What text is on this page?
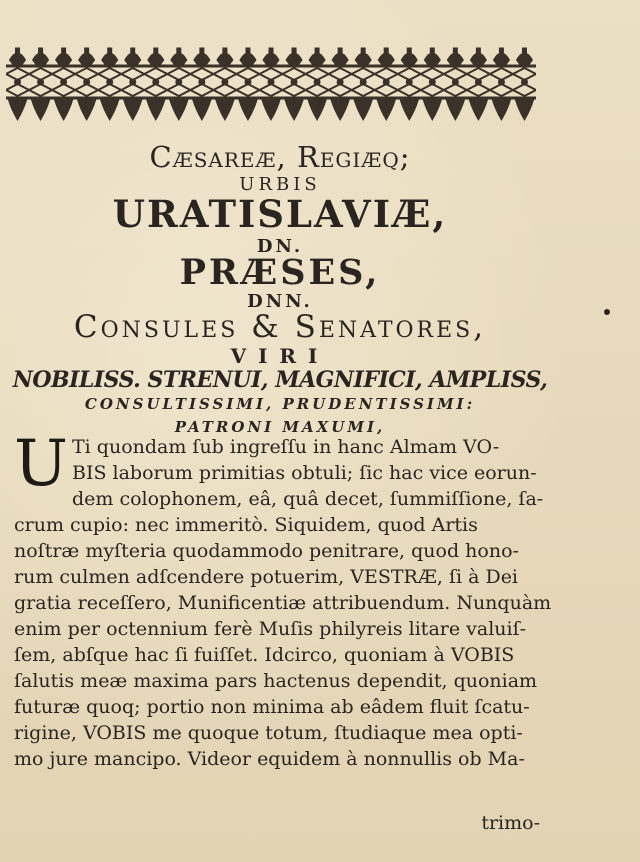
Cæsareæ, Regiæq;
URBIS
URATISLAVIÆ,
DN.
PRÆSES,
DNN.
Consules & Senatores,
VIRI
NOBILISS. STRENUI, MAGNIFICI, AMPLISS,
CONSULTISSIMI, PRUDENTISSIMI:
PATRONI MAXUMI,
U Ti quondam ſub ingreſſu in hanc Almam VO-
BIS laborum primitias obtuli; ſic hac vice eorun-
dem colophonem, eâ, quâ decet, ſummiſſione, ſa-
crum cupio: nec immeritò. Siquidem, quod Artis
noſtræ myſteria quodammodo penitrare, quod hono-
rum culmen adſcendere potuerim, VESTRÆ, ſi à Dei
gratia receſſero, Munificentiæ attribuendum. Nunquàm
enim per octennium ferè Muſis philyreis litare valuiſ-
ſem, abſque hac ſi fuiſſet. Idcirco, quoniam à VOBIS
ſalutis meæ maxima pars hactenus dependit, quoniam
futuræ quoq; portio non minima ab eâdem fluit ſcatu-
rigine, VOBIS me quoque totum, ſtudiaque mea opti-
mo jure mancipo. Videor equidem à nonnullis ob Ma-
trimo-
